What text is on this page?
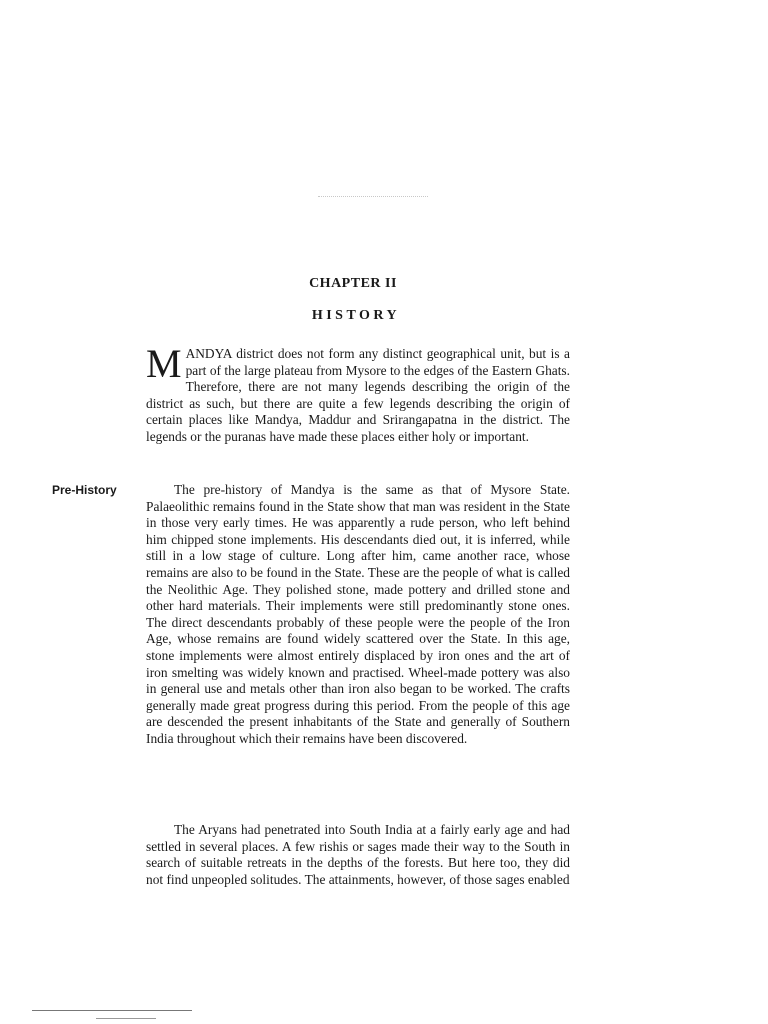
CHAPTER II
HISTORY

MANDYA district does not form any distinct geographical unit, but is a part of the large plateau from Mysore to the edges of the Eastern Ghats. Therefore, there are not many legends describing the origin of the district as such, but there are quite a few legends describing the origin of certain places like Mandya, Maddur and Srirangapatna in the district. The legends or the puranas have made these places either holy or important.

Pre-History	The pre-history of Mandya is the same as that of Mysore State. Palaeolithic remains found in the State show that man was resident in the State in those very early times. He was apparently a rude person, who left behind him chipped stone implements. His descendants died out, it is inferred, while still in a low stage of culture. Long after him, came another race, whose remains are also to be found in the State. These are the people of what is called the Neolithic Age. They polished stone, made pottery and drilled stone and other hard materials. Their implements were still predominantly stone ones. The direct descendants probably of these people were the people of the Iron Age, whose remains are found widely scattered over the State. In this age, stone implements were almost entirely displaced by iron ones and the art of iron smelting was widely known and practised. Wheel-made pottery was also in general use and metals other than iron also began to be worked. The crafts generally made great progress during this period. From the people of this age are descended the present inhabitants of the State and generally of Southern India throughout which their remains have been discovered.

The Aryans had penetrated into South India at a fairly early age and had settled in several places. A few rishis or sages made their way to the South in search of suitable retreats in the depths of the forests. But here too, they did not find unpeopled solitudes. The attainments, however, of those sages enabled
